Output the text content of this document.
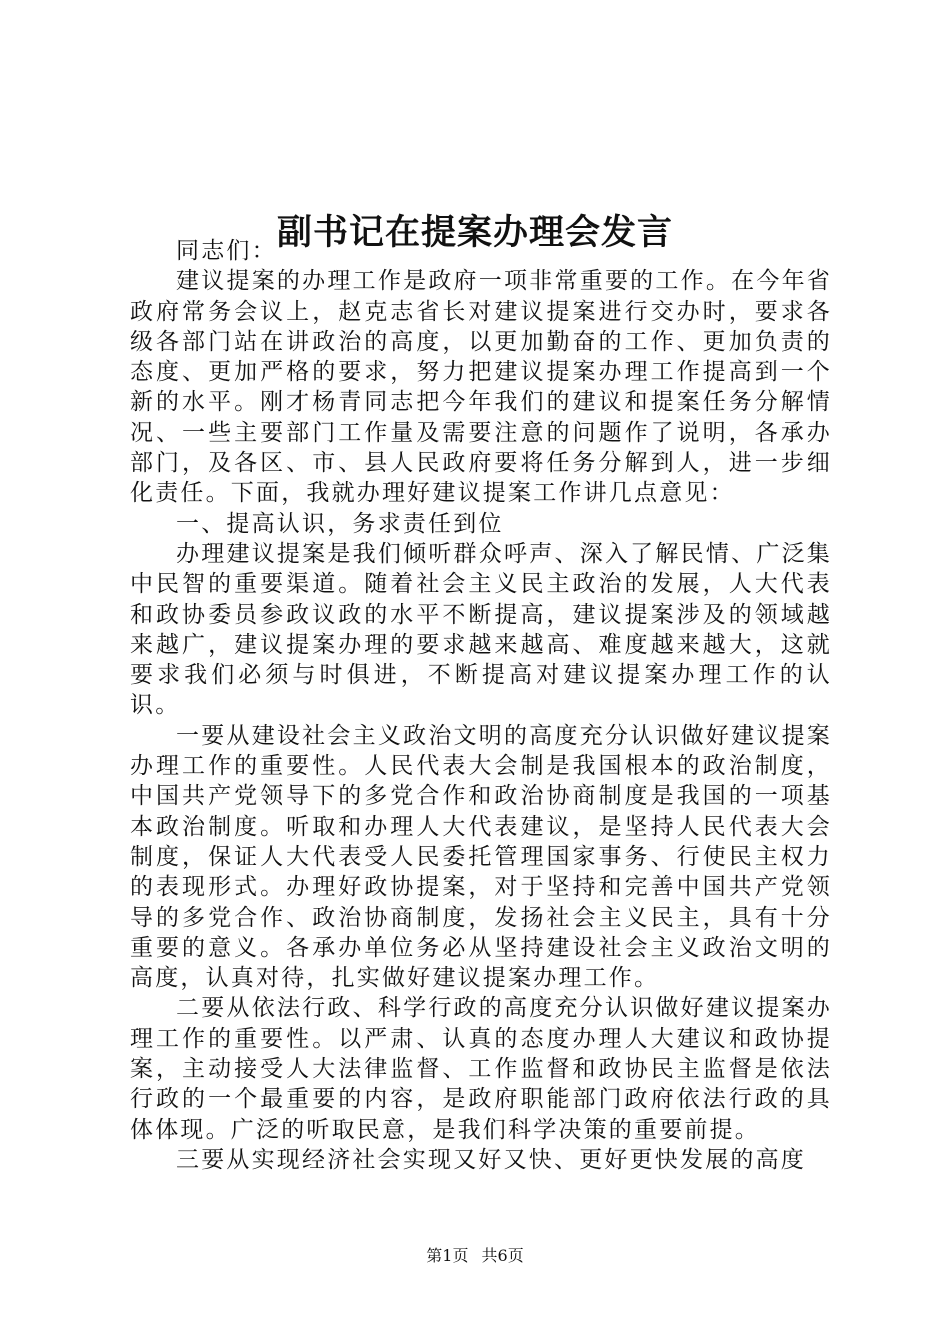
副书记在提案办理会发言

同志们：

建议提案的办理工作是政府一项非常重要的工作。在今年省政府常务会议上，赵克志省长对建议提案进行交办时，要求各级各部门站在讲政治的高度，以更加勤奋的工作、更加负责的态度、更加严格的要求，努力把建议提案办理工作提高到一个新的水平。刚才杨青同志把今年我们的建议和提案任务分解情况、一些主要部门工作量及需要注意的问题作了说明，各承办部门，及各区、市、县人民政府要将任务分解到人，进一步细化责任。下面，我就办理好建议提案工作讲几点意见：

一、提高认识，务求责任到位

办理建议提案是我们倾听群众呼声、深入了解民情、广泛集中民智的重要渠道。随着社会主义民主政治的发展，人大代表和政协委员参政议政的水平不断提高，建议提案涉及的领域越来越广，建议提案办理的要求越来越高、难度越来越大，这就要求我们必须与时俱进，不断提高对建议提案办理工作的认识。

一要从建设社会主义政治文明的高度充分认识做好建议提案办理工作的重要性。人民代表大会制是我国根本的政治制度，中国共产党领导下的多党合作和政治协商制度是我国的一项基本政治制度。听取和办理人大代表建议，是坚持人民代表大会制度，保证人大代表受人民委托管理国家事务、行使民主权力的表现形式。办理好政协提案，对于坚持和完善中国共产党领导的多党合作、政治协商制度，发扬社会主义民主，具有十分重要的意义。各承办单位务必从坚持建设社会主义政治文明的高度，认真对待，扎实做好建议提案办理工作。

二要从依法行政、科学行政的高度充分认识做好建议提案办理工作的重要性。以严肃、认真的态度办理人大建议和政协提案，主动接受人大法律监督、工作监督和政协民主监督是依法行政的一个最重要的内容，是政府职能部门政府依法行政的具体体现。广泛的听取民意，是我们科学决策的重要前提。

三要从实现经济社会实现又好又快、更好更快发展的高度

第1页 共6页
